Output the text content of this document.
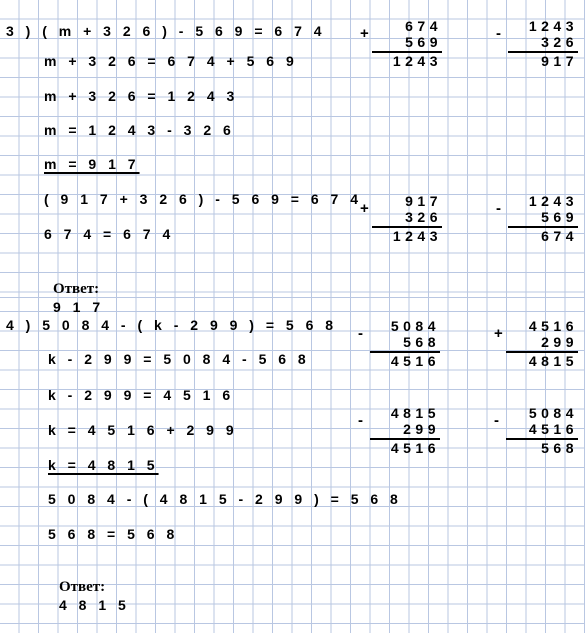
3 ) ( m + 3 2 6 ) - 5 6 9 = 6 7 4
m + 3 2 6 = 6 7 4 + 5 6 9
m + 3 2 6 = 1 2 4 3
m = 1 2 4 3 - 3 2 6
m = 9 1 7
( 9 1 7 + 3 2 6 ) - 5 6 9 = 6 7 4
6 7 4 = 6 7 4

Ответ:
9 1 7

+	674
569
1243
-	1243
326
917
+	917
326
1243
-	1243
569
674
4 ) 5 0 8 4 - ( k - 2 9 9 ) = 5 6 8
k - 2 9 9 = 5 0 8 4 - 5 6 8
k - 2 9 9 = 4 5 1 6
k = 4 5 1 6 + 2 9 9
k = 4 8 1 5
5 0 8 4 - ( 4 8 1 5 - 2 9 9 ) = 5 6 8
5 6 8 = 5 6 8

Ответ:
4 8 1 5

-	5084
568
4516
+	4516
299
4815
-	4815
299
4516
-	5084
4516
568
